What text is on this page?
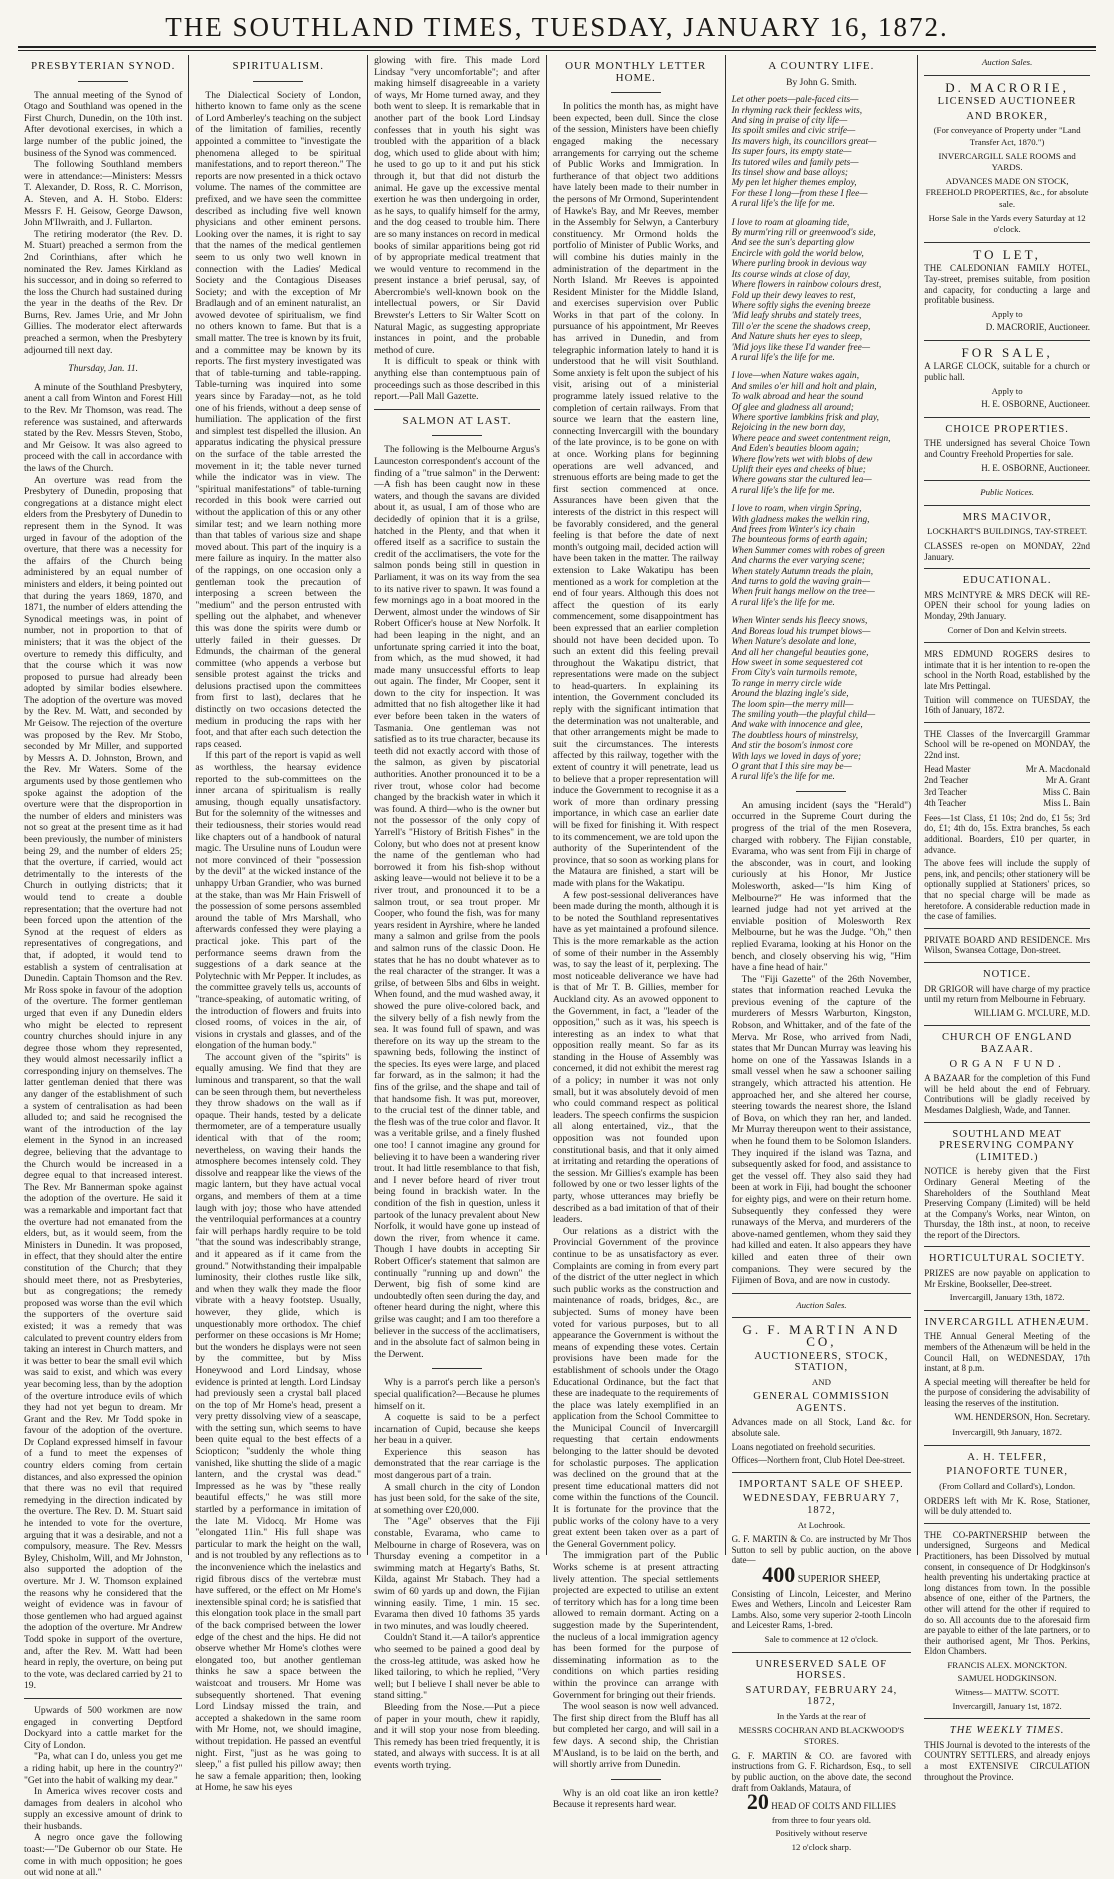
THE SOUTHLAND TIMES, TUESDAY, JANUARY 16, 1872.
PRESBYTERIAN SYNOD.

The annual meeting of the Synod of Otago and Southland was opened in the First Church, Dunedin, on the 10th inst. After devotional exercises, in which a large number of the public joined, the business of the Synod was commenced.

The following Southland members were in attendance:—Ministers: Messrs T. Alexander, D. Ross, R. C. Morrison, A. Steven, and A. H. Stobo. Elders: Messrs F. H. Geisow, George Dawson, John M'Ilwraith, and J. Fullarton.

The retiring moderator (the Rev. D. M. Stuart) preached a sermon from the 2nd Corinthians, after which he nominated the Rev. James Kirkland as his successor, and in doing so referred to the loss the Church had sustained during the year in the deaths of the Rev. Dr Burns, Rev. James Urie, and Mr John Gillies. The moderator elect afterwards preached a sermon, when the Presbytery adjourned till next day.

Thursday, Jan. 11.

A minute of the Southland Presbytery, anent a call from Winton and Forest Hill to the Rev. Mr Thomson, was read. The reference was sustained, and afterwards stated by the Rev. Messrs Steven, Stobo, and Mr Geisow. It was also agreed to proceed with the call in accordance with the laws of the Church.

An overture was read from the Presbytery of Dunedin, proposing that congregations at a distance might elect elders from the Presbytery of Dunedin to represent them in the Synod. It was urged in favour of the adoption of the overture, that there was a necessity for the affairs of the Church being administered by an equal number of ministers and elders, it being pointed out that during the years 1869, 1870, and 1871, the number of elders attending the Synodical meetings was, in point of number, not in proportion to that of ministers; that it was the object of the overture to remedy this difficulty, and that the course which it was now proposed to pursue had already been adopted by similar bodies elsewhere. The adoption of the overture was moved by the Rev. M. Watt, and seconded by Mr Geisow. The rejection of the overture was proposed by the Rev. Mr Stobo, seconded by Mr Miller, and supported by Messrs A. D. Johnston, Brown, and the Rev. Mr Waters. Some of the arguments used by those gentlemen who spoke against the adoption of the overture were that the disproportion in the number of elders and ministers was not so great at the present time as it had been previously, the number of ministers being 29, and the number of elders 25; that the overture, if carried, would act detrimentally to the interests of the Church in outlying districts; that it would tend to create a double representation; that the overture had not been forced upon the attention of the Synod at the request of elders as representatives of congregations, and that, if adopted, it would tend to establish a system of centralisation at Dunedin. Captain Thomson and the Rev. Mr Ross spoke in favour of the adoption of the overture. The former gentleman urged that even if any Dunedin elders who might be elected to represent country churches should injure in any degree those whom they represented, they would almost necessarily inflict a corresponding injury on themselves. The latter gentleman denied that there was any danger of the establishment of such a system of centralisation as had been alluded to; and said he recognised the want of the introduction of the lay element in the Synod in an increased degree, believing that the advantage to the Church would be increased in a degree equal to that increased interest. The Rev. Mr Bannerman spoke against the adoption of the overture. He said it was a remarkable and important fact that the overture had not emanated from the elders, but, as it would seem, from the Ministers in Dunedin. It was proposed, in effect, that they should alter the entire constitution of the Church; that they should meet there, not as Presbyteries, but as congregations; the remedy proposed was worse than the evil which the supporters of the overture said existed; it was a remedy that was calculated to prevent country elders from taking an interest in Church matters, and it was better to bear the small evil which was said to exist, and which was every year becoming less, than by the adoption of the overture introduce evils of which they had not yet begun to dream. Mr Grant and the Rev. Mr Todd spoke in favour of the adoption of the overture. Dr Copland expressed himself in favour of a fund to meet the expenses of country elders coming from certain distances, and also expressed the opinion that there was no evil that required remedying in the direction indicated by the overture. The Rev. D. M. Stuart said he intended to vote for the overture, arguing that it was a desirable, and not a compulsory, measure. The Rev. Messrs Byley, Chisholm, Will, and Mr Johnston, also supported the adoption of the overture. Mr J. W. Thomson explained the reasons why he considered that the weight of evidence was in favour of those gentlemen who had argued against the adoption of the overture. Mr Andrew Todd spoke in support of the overture, and, after the Rev. M. Watt had been heard in reply, the overture, on being put to the vote, was declared carried by 21 to 19.

Upwards of 500 workmen are now engaged in converting Deptford Dockyard into a cattle market for the City of London.

"Pa, what can I do, unless you get me a riding habit, up here in the country?" "Get into the habit of walking my dear."

In America wives recover costs and damages from dealers in alcohol who supply an excessive amount of drink to their husbands.

A negro once gave the following toast:—"De Gubernor ob our State. He come in with much opposition; he goes out wid none at all."

SPIRITUALISM.

The Dialectical Society of London, hitherto known to fame only as the scene of Lord Amberley's teaching on the subject of the limitation of families, recently appointed a committee to "investigate the phenomena alleged to be spiritual manifestations, and to report thereon." The reports are now presented in a thick octavo volume. The names of the committee are prefixed, and we have seen the committee described as including five well known physicians and other eminent persons. Looking over the names, it is right to say that the names of the medical gentlemen seem to us only two well known in connection with the Ladies' Medical Society and the Contagious Diseases Society; and with the exception of Mr Bradlaugh and of an eminent naturalist, an avowed devotee of spiritualism, we find no others known to fame. But that is a small matter. The tree is known by its fruit, and a committee may be known by its reports. The first mystery investigated was that of table-turning and table-rapping. Table-turning was inquired into some years since by Faraday—not, as he told one of his friends, without a deep sense of humiliation. The application of the first and simplest test dispelled the illusion. An apparatus indicating the physical pressure on the surface of the table arrested the movement in it; the table never turned while the indicator was in view. The "spiritual manifestations" of table-turning recorded in this book were carried out without the application of this or any other similar test; and we learn nothing more than that tables of various size and shape moved about. This part of the inquiry is a mere failure as inquiry. In the matter also of the rappings, on one occasion only a gentleman took the precaution of interposing a screen between the "medium" and the person entrusted with spelling out the alphabet, and whenever this was done the spirits were dumb or utterly failed in their guesses. Dr Edmunds, the chairman of the general committee (who appends a verbose but sensible protest against the tricks and delusions practised upon the committees from first to last), declares that he distinctly on two occasions detected the medium in producing the raps with her foot, and that after each such detection the raps ceased.

If this part of the report is vapid as well as worthless, the hearsay evidence reported to the sub-committees on the inner arcana of spiritualism is really amusing, though equally unsatisfactory. But for the solemnity of the witnesses and their tediousness, their stories would read like chapters out of a handbook of natural magic. The Ursuline nuns of Loudun were not more convinced of their "possession by the devil" at the wicked instance of the unhappy Urban Grandier, who was burned at the stake, than was Mr Hain Friswell of the possession of some persons assembled around the table of Mrs Marshall, who afterwards confessed they were playing a practical joke. This part of the performance seems drawn from the suggestions of a dark seance at the Polytechnic with Mr Pepper. It includes, as the committee gravely tells us, accounts of "trance-speaking, of automatic writing, of the introduction of flowers and fruits into closed rooms, of voices in the air, of visions in crystals and glasses, and of the elongation of the human body."

The account given of the "spirits" is equally amusing. We find that they are luminous and transparent, so that the wall can be seen through them, but nevertheless they throw shadows on the wall as if opaque. Their hands, tested by a delicate thermometer, are of a temperature usually identical with that of the room; nevertheless, on waving their hands the atmosphere becomes intensely cold. They dissolve and reappear like the views of the magic lantern, but they have actual vocal organs, and members of them at a time laugh with joy; those who have attended the ventriloquial performances at a country fair will perhaps hardly require to be told "that the sound was indescribably strange, and it appeared as if it came from the ground." Notwithstanding their impalpable luminosity, their clothes rustle like silk, and when they walk they made the floor vibrate with a heavy footstep. Usually, however, they glide, which is unquestionably more orthodox. The chief performer on these occasions is Mr Home; but the wonders he displays were not seen by the committee, but by Miss Honeywood and Lord Lindsay, whose evidence is printed at length. Lord Lindsay had previously seen a crystal ball placed on the top of Mr Home's head, present a very pretty dissolving view of a seascape, with the setting sun, which seems to have been quite equal to the best effects of a Sciopticon; "suddenly the whole thing vanished, like shutting the slide of a magic lantern, and the crystal was dead." Impressed as he was by "these really beautiful effects," he was still more startled by a performance in imitation of the late M. Vidocq. Mr Home was "elongated 11in." His full shape was particular to mark the height on the wall, and is not troubled by any reflections as to the inconvenience which the inelastics and rigid fibrous discs of the vertebræ must have suffered, or the effect on Mr Home's inextensible spinal cord; he is satisfied that this elongation took place in the small part of the back comprised between the lower edge of the chest and the hips. He did not observe whether Mr Home's clothes were elongated too, but another gentleman thinks he saw a space between the waistcoat and trousers. Mr Home was subsequently shortened. That evening Lord Lindsay missed the train, and accepted a shakedown in the same room with Mr Home, not, we should imagine, without trepidation. He passed an eventful night. First, "just as he was going to sleep," a fist pulled his pillow away; then he saw a female apparition; then, looking at Home, he saw his eyes

glowing with fire. This made Lord Lindsay "very uncomfortable"; and after making himself disagreeable in a variety of ways, Mr Home turned away, and they both went to sleep. It is remarkable that in another part of the book Lord Lindsay confesses that in youth his sight was troubled with the apparition of a black dog, which used to glide about with him; he used to go up to it and put his stick through it, but that did not disturb the animal. He gave up the excessive mental exertion he was then undergoing in order, as he says, to qualify himself for the army, and the dog ceased to trouble him. There are so many instances on record in medical books of similar apparitions being got rid of by appropriate medical treatment that we would venture to recommend in the present instance a brief perusal, say, of Abercrombie's well-known book on the intellectual powers, or Sir David Brewster's Letters to Sir Walter Scott on Natural Magic, as suggesting appropriate instances in point, and the probable method of cure.

It is difficult to speak or think with anything else than contemptuous pain of proceedings such as those described in this report.—Pall Mall Gazette.

SALMON AT LAST.

The following is the Melbourne Argus's Launceston correspondent's account of the finding of a "true salmon" in the Derwent:—A fish has been caught now in these waters, and though the savans are divided about it, as usual, I am of those who are decidedly of opinion that it is a grilse, hatched in the Plenty, and that when it offered itself as a sacrifice to sustain the credit of the acclimatisers, the vote for the salmon ponds being still in question in Parliament, it was on its way from the sea to its native river to spawn. It was found a few mornings ago in a boat moored in the Derwent, almost under the windows of Sir Robert Officer's house at New Norfolk. It had been leaping in the night, and an unfortunate spring carried it into the boat, from which, as the mud showed, it had made many unsuccessful efforts to leap out again. The finder, Mr Cooper, sent it down to the city for inspection. It was admitted that no fish altogether like it had ever before been taken in the waters of Tasmania. One gentleman was not satisfied as to its true character, because its teeth did not exactly accord with those of the salmon, as given by piscatorial authorities. Another pronounced it to be a river trout, whose color had become changed by the brackish water in which it was found. A third—who is the owner but not the possessor of the only copy of Yarrell's "History of British Fishes" in the Colony, but who does not at present know the name of the gentleman who had borrowed it from his fish-shop without asking leave—would not believe it to be a river trout, and pronounced it to be a salmon trout, or sea trout proper. Mr Cooper, who found the fish, was for many years resident in Ayrshire, where he landed many a salmon and grilse from the pools and salmon runs of the classic Doon. He states that he has no doubt whatever as to the real character of the stranger. It was a grilse, of between 5lbs and 6lbs in weight. When found, and the mud washed away, it showed the pure olive-colored back, and the silvery belly of a fish newly from the sea. It was found full of spawn, and was therefore on its way up the stream to the spawning beds, following the instinct of the species. Its eyes were large, and placed far forward, as in the salmon; it had the fins of the grilse, and the shape and tail of that handsome fish. It was put, moreover, to the crucial test of the dinner table, and the flesh was of the true color and flavor. It was a veritable grilse, and a finely flushed one too! I cannot imagine any ground for believing it to have been a wandering river trout. It had little resemblance to that fish, and I never before heard of river trout being found in brackish water. In the condition of the fish in question, unless it partook of the lunacy prevalent about New Norfolk, it would have gone up instead of down the river, from whence it came. Though I have doubts in accepting Sir Robert Officer's statement that salmon are continually "running up and down" the Derwent, big fish of some kind are undoubtedly often seen during the day, and oftener heard during the night, where this grilse was caught; and I am too therefore a believer in the success of the acclimatisers, and in the absolute fact of salmon being in the Derwent.

Why is a parrot's perch like a person's special qualification?—Because he plumes himself on it.

A coquette is said to be a perfect incarnation of Cupid, because she keeps her beau in a quiver.

Experience this season has demonstrated that the rear carriage is the most dangerous part of a train.

A small church in the city of London has just been sold, for the sake of the site, at something over £20,000.

The "Age" observes that the Fiji constable, Evarama, who came to Melbourne in charge of Rosevera, was on Thursday evening a competitor in a swimming match at Hegarty's Baths, St. Kilda, against Mr Stabach. They had a swim of 60 yards up and down, the Fijian winning easily. Time, 1 min. 15 sec. Evarama then dived 10 fathoms 35 yards in two minutes, and was loudly cheered.

Couldn't Stand it.—A tailor's apprentice who seemed to be pained a good deal by the cross-leg attitude, was asked how he liked tailoring, to which he replied, "Very well; but I believe I shall never be able to stand sitting."

Bleeding from the Nose.—Put a piece of paper in your mouth, chew it rapidly, and it will stop your nose from bleeding. This remedy has been tried frequently, it is stated, and always with success. It is at all events worth trying.

OUR MONTHLY LETTER HOME.

In politics the month has, as might have been expected, been dull. Since the close of the session, Ministers have been chiefly engaged making the necessary arrangements for carrying out the scheme of Public Works and Immigration. In furtherance of that object two additions have lately been made to their number in the persons of Mr Ormond, Superintendent of Hawke's Bay, and Mr Reeves, member in the Assembly for Selwyn, a Canterbury constituency. Mr Ormond holds the portfolio of Minister of Public Works, and will combine his duties mainly in the administration of the department in the North Island. Mr Reeves is appointed Resident Minister for the Middle Island, and exercises supervision over Public Works in that part of the colony. In pursuance of his appointment, Mr Reeves has arrived in Dunedin, and from telegraphic information lately to hand it is understood that he will visit Southland. Some anxiety is felt upon the subject of his visit, arising out of a ministerial programme lately issued relative to the completion of certain railways. From that source we learn that the eastern line, connecting Invercargill with the boundary of the late province, is to be gone on with at once. Working plans for beginning operations are well advanced, and strenuous efforts are being made to get the first section commenced at once. Assurances have been given that the interests of the district in this respect will be favorably considered, and the general feeling is that before the date of next month's outgoing mail, decided action will have been taken in the matter. The railway extension to Lake Wakatipu has been mentioned as a work for completion at the end of four years. Although this does not affect the question of its early commencement, some disappointment has been expressed that an earlier completion should not have been decided upon. To such an extent did this feeling prevail throughout the Wakatipu district, that representations were made on the subject to head-quarters. In explaining its intention, the Government concluded its reply with the significant intimation that the determination was not unalterable, and that other arrangements might be made to suit the circumstances. The interests affected by this railway, together with the extent of country it will penetrate, lead us to believe that a proper representation will induce the Government to recognise it as a work of more than ordinary pressing importance, in which case an earlier date will be fixed for finishing it. With respect to its commencement, we are told upon the authority of the Superintendent of the province, that so soon as working plans for the Mataura are finished, a start will be made with plans for the Wakatipu.

A few post-sessional deliverances have been made during the month, although it is to be noted the Southland representatives have as yet maintained a profound silence. This is the more remarkable as the action of some of their number in the Assembly was, to say the least of it, perplexing. The most noticeable deliverance we have had is that of Mr T. B. Gillies, member for Auckland city. As an avowed opponent to the Government, in fact, a "leader of the opposition," such as it was, his speech is interesting as an index to what that opposition really meant. So far as its standing in the House of Assembly was concerned, it did not exhibit the merest rag of a policy; in number it was not only small, but it was absolutely devoid of men who could command respect as political leaders. The speech confirms the suspicion all along entertained, viz., that the opposition was not founded upon constitutional basis, and that it only aimed at irritating and retarding the operations of the session. Mr Gillies's example has been followed by one or two lesser lights of the party, whose utterances may briefly be described as a bad imitation of that of their leaders.

Our relations as a district with the Provincial Government of the province continue to be as unsatisfactory as ever. Complaints are coming in from every part of the district of the utter neglect in which such public works as the construction and maintenance of roads, bridges, &c., are subjected. Sums of money have been voted for various purposes, but to all appearance the Government is without the means of expending these votes. Certain provisions have been made for the establishment of schools under the Otago Educational Ordinance, but the fact that these are inadequate to the requirements of the place was lately exemplified in an application from the School Committee to the Municipal Council of Invercargill requesting that certain endowments belonging to the latter should be devoted for scholastic purposes. The application was declined on the ground that at the present time educational matters did not come within the functions of the Council. It is fortunate for the province that the public works of the colony have to a very great extent been taken over as a part of the General Government policy.

The immigration part of the Public Works scheme is at present attracting lively attention. The special settlements projected are expected to utilise an extent of territory which has for a long time been allowed to remain dormant. Acting on a suggestion made by the Superintendent, the nucleus of a local immigration agency has been formed for the purpose of disseminating information as to the conditions on which parties residing within the province can arrange with Government for bringing out their friends.

The wool season is now well advanced. The first ship direct from the Bluff has all but completed her cargo, and will sail in a few days. A second ship, the Christian M'Ausland, is to be laid on the berth, and will shortly arrive from Dunedin.

Why is an old coat like an iron kettle? Because it represents hard wear.

A COUNTRY LIFE.
By John G. Smith.

Let other poets—pale-faced cits—

In rhyming rack their feckless wits,

And sing in praise of city life—

Its spoilt smiles and civic strife—

Its mavers high, its councillors great—

Its super fours, its empty state—

Its tutored wiles and family pets—

Its tinsel show and base alloys;

My pen let higher themes employ,

For these I long—from these I flee—

A rural life's the life for me.

I love to roam at gloaming tide,

By murm'ring rill or greenwood's side,

And see the sun's departing glow

Encircle with gold the world below,

Where purling brook in devious way

Its course winds at close of day,

Where flowers in rainbow colours drest,

Fold up their dewy leaves to rest,

Where softly sighs the evening breeze

'Mid leafy shrubs and stately trees,

Till o'er the scene the shadows creep,

And Nature shuts her eyes to sleep,

'Mid joys like these I'd wander free—

A rural life's the life for me.

I love—when Nature wakes again,

And smiles o'er hill and holt and plain,

To walk abroad and hear the sound

Of glee and gladness all around;

Where sportive lambkins frisk and play,

Rejoicing in the new born day,

Where peace and sweet contentment reign,

And Eden's beauties bloom again;

Where flow'rets wet with blobs of dew

Uplift their eyes and cheeks of blue;

Where gowans star the cultured lea—

A rural life's the life for me.

I love to roam, when virgin Spring,

With gladness makes the welkin ring,

And frees from Winter's icy chain

The bounteous forms of earth again;

When Summer comes with robes of green

And charms the ever varying scene;

When stately Autumn treads the plain,

And turns to gold the waving grain—

When fruit hangs mellow on the tree—

A rural life's the life for me.

When Winter sends his fleecy snows,

And Boreas loud his trumpet blows—

When Nature's desolate and lone,

And all her changeful beauties gone,

How sweet in some sequestered cot

From City's vain turmoils remote,

To range in merry circle wide

Around the blazing ingle's side,

The loom spin—the merry mill—

The smiling youth—the playful child—

And wake with innocence and glee,

The doubtless hours of minstrelsy,

And stir the bosom's inmost core

With lays we loved in days of yore;

O grant that I this sire may be—

A rural life's the life for me.

An amusing incident (says the "Herald") occurred in the Supreme Court during the progress of the trial of the men Rosevera, charged with robbery. The Fijian constable, Evarama, who was sent from Fiji in charge of the absconder, was in court, and looking curiously at his Honor, Mr Justice Molesworth, asked—"Is him King of Melbourne?" He was informed that the learned judge had not yet arrived at the enviable position of Molesworth Rex Melbourne, but he was the Judge. "Oh," then replied Evarama, looking at his Honor on the bench, and closely observing his wig, "Him have a fine head of hair."

The "Fiji Gazette" of the 26th November, states that information reached Levuka the previous evening of the capture of the murderers of Messrs Warburton, Kingston, Robson, and Whittaker, and of the fate of the Merva. Mr Rose, who arrived from Nadi, states that Mr Duncan Murray was leaving his home on one of the Yassawas Islands in a small vessel when he saw a schooner sailing strangely, which attracted his attention. He approached her, and she altered her course, steering towards the nearest shore, the Island of Bova, on which they ran her, and landed. Mr Murray thereupon went to their assistance, when he found them to be Solomon Islanders. They inquired if the island was Tazna, and subsequently asked for food, and assistance to get the vessel off. They also said they had been at work in Fiji, had bought the schooner for eighty pigs, and were on their return home. Subsequently they confessed they were runaways of the Merva, and murderers of the above-named gentlemen, whom they said they had killed and eaten. It also appears they have killed and eaten three of their own companions. They were secured by the Fijimen of Bova, and are now in custody.

Auction Sales.
G. F. MARTIN AND CO,
AUCTIONEERS, STOCK, STATION,
AND
GENERAL COMMISSION AGENTS.

Advances made on all Stock, Land &c. for absolute sale.

Loans negotiated on freehold securities.

Offices—Northern front, Club Hotel Dee-street.

IMPORTANT SALE OF SHEEP.
WEDNESDAY, FEBRUARY 7, 1872,
At Lochrook.

G. F. MARTIN & Co. are instructed by Mr Thos Sutton to sell by public auction, on the above date—

400 SUPERIOR SHEEP,

Consisting of Lincoln, Leicester, and Merino Ewes and Wethers, Lincoln and Leicester Ram Lambs. Also, some very superior 2-tooth Lincoln and Leicester Rams, 1-bred.

Sale to commence at 12 o'clock.
UNRESERVED SALE OF HORSES.
SATURDAY, FEBRUARY 24, 1872,
In the Yards at the rear of
MESSRS COCHRAN AND BLACKWOOD'S STORES.

G. F. MARTIN & CO. are favored with instructions from G. F. Richardson, Esq., to sell by public auction, on the above date, the second draft from Oaklands, Mataura, of

20 HEAD OF COLTS AND FILLIES
from three to four years old.
Positively without reserve
12 o'clock sharp.
Auction Sales.
D. MACRORIE,
LICENSED AUCTIONEER
AND BROKER,
(For conveyance of Property under "Land Transfer Act, 1870.")
INVERCARGILL SALE ROOMS and YARDS.
ADVANCES MADE ON STOCK, FREEHOLD PROPERTIES, &c., for absolute sale.
Horse Sale in the Yards every Saturday at 12 o'clock.
TO LET,

THE CALEDONIAN FAMILY HOTEL, Tay-street, premises suitable, from position and capacity, for conducting a large and profitable business.

Apply to
D. MACRORIE, Auctioneer.
FOR SALE,

A LARGE CLOCK, suitable for a church or public hall.

Apply to
H. E. OSBORNE, Auctioneer.
CHOICE PROPERTIES.

THE undersigned has several Choice Town and Country Freehold Properties for sale.

H. E. OSBORNE, Auctioneer.
Public Notices.
MRS MACIVOR,
LOCKHART'S BUILDINGS, TAY-STREET.

CLASSES re-open on MONDAY, 22nd January.

EDUCATIONAL.

MRS McINTYRE & MRS DECK will RE-OPEN their school for young ladies on Monday, 29th January.

Corner of Don and Kelvin streets.

MRS EDMUND ROGERS desires to intimate that it is her intention to re-open the school in the North Road, established by the late Mrs Pettingal.

Tuition will commence on TUESDAY, the 16th of January, 1872.

THE Classes of the Invercargill Grammar School will be re-opened on MONDAY, the 22nd inst.

Head Master	Mr A. Macdonald
2nd Teacher	Mr A. Grant
3rd Teacher	Miss C. Bain
4th Teacher	Miss L. Bain

Fees—1st Class, £1 10s; 2nd do, £1 5s; 3rd do, £1; 4th do, 15s. Extra branches, 5s each additional. Boarders, £10 per quarter, in advance.

The above fees will include the supply of pens, ink, and pencils; other stationery will be optionally supplied at Stationers' prices, so that no special charge will be made as heretofore. A considerable reduction made in the case of families.

PRIVATE BOARD AND RESIDENCE. Mrs Wilson, Swansea Cottage, Don-street.

NOTICE.

DR GRIGOR will have charge of my practice until my return from Melbourne in February.

WILLIAM G. M'CLURE, M.D.
CHURCH OF ENGLAND BAZAAR.
ORGAN FUND.

A BAZAAR for the completion of this Fund will be held about the end of February. Contributions will be gladly received by Mesdames Dalgliesh, Wade, and Tanner.

SOUTHLAND MEAT PRESERVING COMPANY (LIMITED.)

NOTICE is hereby given that the First Ordinary General Meeting of the Shareholders of the Southland Meat Preserving Company (Limited) will be held at the Company's Works, near Winton, on Thursday, the 18th inst., at noon, to receive the report of the Directors.

HORTICULTURAL SOCIETY.

PRIZES are now payable on application to Mr Erskine, Bookseller, Dee-street.

Invercargill, January 13th, 1872.
INVERCARGILL ATHENÆUM.

THE Annual General Meeting of the members of the Athenæum will be held in the Council Hall, on WEDNESDAY, 17th instant, at 8 p.m.

A special meeting will thereafter be held for the purpose of considering the advisability of leasing the reserves of the institution.

WM. HENDERSON, Hon. Secretary.
Invercargill, 9th January, 1872.
A. H. TELFER,
PIANOFORTE TUNER,
(From Collard and Collard's), London.

ORDERS left with Mr K. Rose, Stationer, will be duly attended to.

THE CO-PARTNERSHIP between the undersigned, Surgeons and Medical Practitioners, has been Dissolved by mutual consent, in consequence of Dr Hodgkinson's health preventing his undertaking practice at long distances from town. In the possible absence of one, either of the Partners, the other will attend for the other if required to do so. All accounts due to the aforesaid firm are payable to either of the late partners, or to their authorised agent, Mr Thos. Perkins, Eldon Chambers.

FRANCIS ALEX. MONCKTON.
SAMUEL HODGKINSON.
Witness— MATTW. SCOTT.
Invercargill, January 1st, 1872.
THE WEEKLY TIMES.

THIS Journal is devoted to the interests of the COUNTRY SETTLERS, and already enjoys a most EXTENSIVE CIRCULATION throughout the Province.
